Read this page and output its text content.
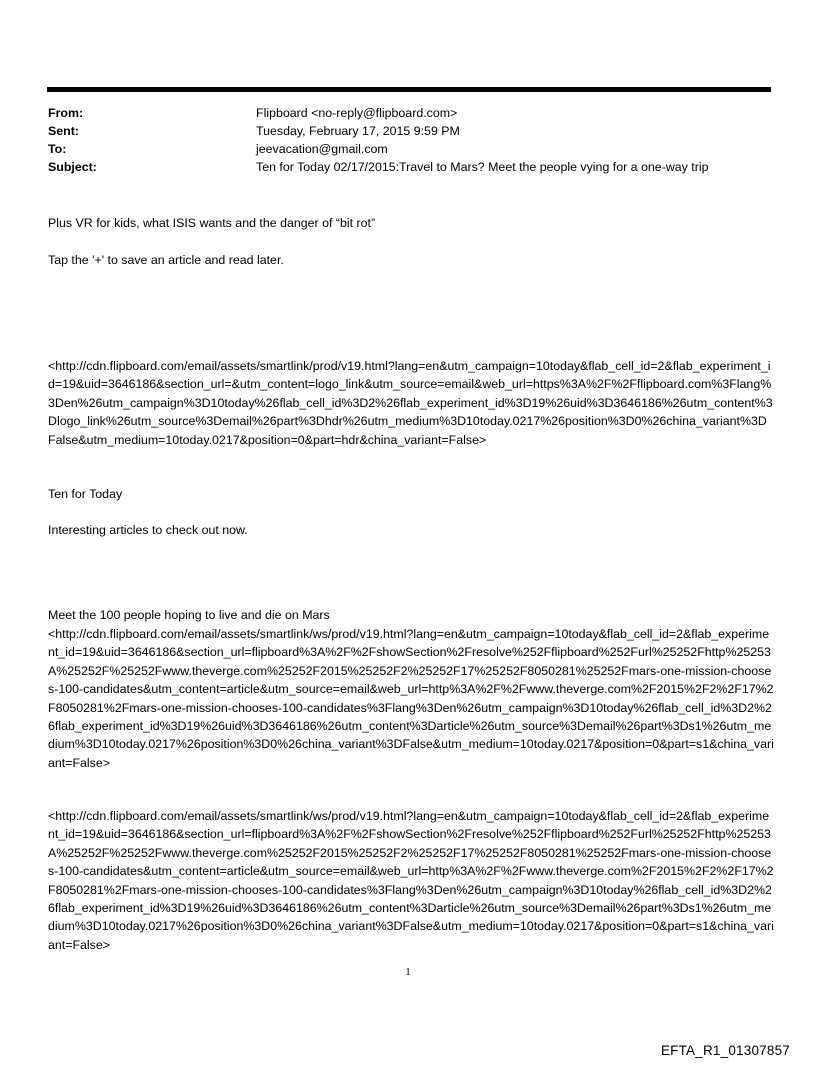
From:	Flipboard <no-reply@flipboard.com>
Sent:	Tuesday, February 17, 2015 9:59 PM
To:	jeevacation@gmail.com
Subject:	Ten for Today 02/17/2015:Travel to Mars? Meet the people vying for a one-way trip
Plus VR for kids, what ISIS wants and the danger of “bit rot”
Tap the '+' to save an article and read later.
<http://cdn.flipboard.com/email/assets/smartlink/prod/v19.html?lang=en&utm_campaign=10today&flab_cell_id=2&flab_experiment_id=19&uid=3646186&section_url=&utm_content=logo_link&utm_source=email&web_url=https%3A%2F%2Fflipboard.com%3Flang%3Den%26utm_campaign%3D10today%26flab_cell_id%3D2%26flab_experiment_id%3D19%26uid%3D3646186%26utm_content%3Dlogo_link%26utm_source%3Demail%26part%3Dhdr%26utm_medium%3D10today.0217%26position%3D0%26china_variant%3DFalse&utm_medium=10today.0217&position=0&part=hdr&china_variant=False>
Ten for Today
Interesting articles to check out now.
Meet the 100 people hoping to live and die on Mars
<http://cdn.flipboard.com/email/assets/smartlink/ws/prod/v19.html?lang=en&utm_campaign=10today&flab_cell_id=2&flab_experiment_id=19&uid=3646186&section_url=flipboard%3A%2F%2FshowSection%2Fresolve%252Fflipboard%252Furl%25252Fhttp%25253A%25252F%25252Fwww.theverge.com%25252F2015%25252F2%25252F17%25252F8050281%25252Fmars-one-mission-chooses-100-candidates&utm_content=article&utm_source=email&web_url=http%3A%2F%2Fwww.theverge.com%2F2015%2F2%2F17%2F8050281%2Fmars-one-mission-chooses-100-candidates%3Flang%3Den%26utm_campaign%3D10today%26flab_cell_id%3D2%26flab_experiment_id%3D19%26uid%3D3646186%26utm_content%3Darticle%26utm_source%3Demail%26part%3Ds1%26utm_medium%3D10today.0217%26position%3D0%26china_variant%3DFalse&utm_medium=10today.0217&position=0&part=s1&china_variant=False>
<http://cdn.flipboard.com/email/assets/smartlink/ws/prod/v19.html?lang=en&utm_campaign=10today&flab_cell_id=2&flab_experiment_id=19&uid=3646186&section_url=flipboard%3A%2F%2FshowSection%2Fresolve%252Fflipboard%252Furl%25252Fhttp%25253A%25252F%25252Fwww.theverge.com%25252F2015%25252F2%25252F17%25252F8050281%25252Fmars-one-mission-chooses-100-candidates&utm_content=article&utm_source=email&web_url=http%3A%2F%2Fwww.theverge.com%2F2015%2F2%2F17%2F8050281%2Fmars-one-mission-chooses-100-candidates%3Flang%3Den%26utm_campaign%3D10today%26flab_cell_id%3D2%26flab_experiment_id%3D19%26uid%3D3646186%26utm_content%3Darticle%26utm_source%3Demail%26part%3Ds1%26utm_medium%3D10today.0217%26position%3D0%26china_variant%3DFalse&utm_medium=10today.0217&position=0&part=s1&china_variant=False>
1
EFTA_R1_01307857
